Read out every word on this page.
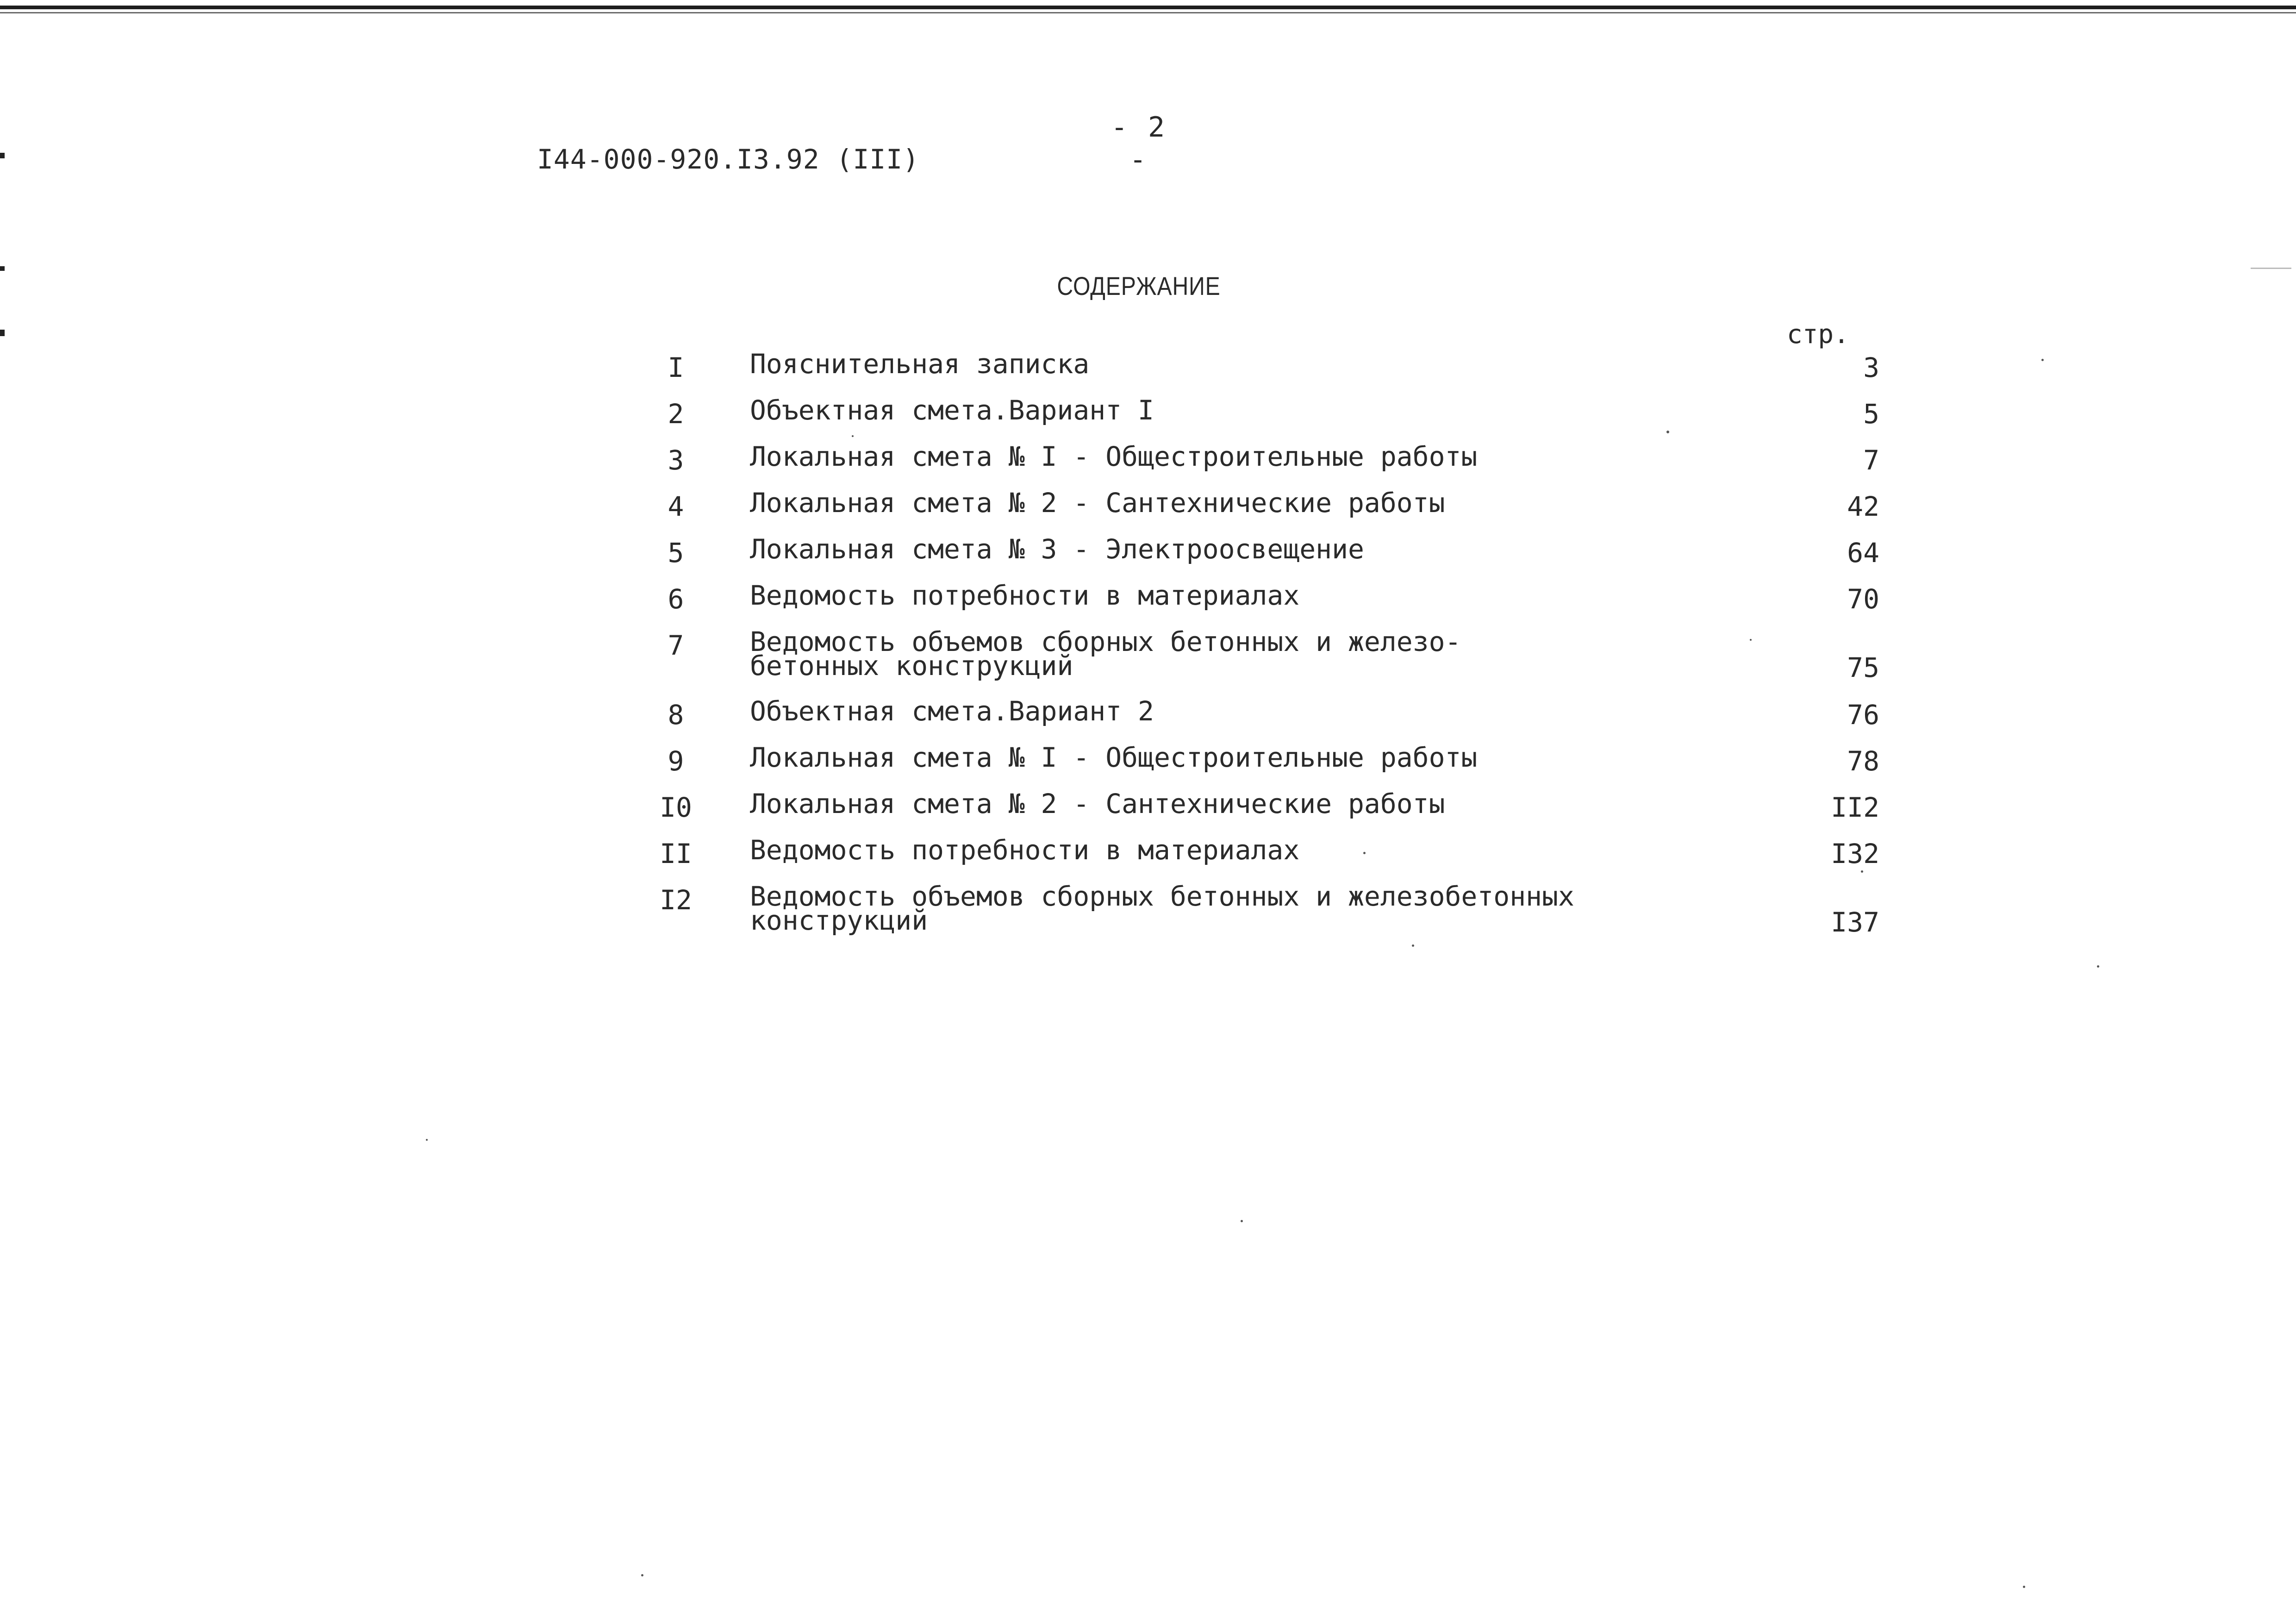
- 2 -
I44-000-920.I3.92 (III)
СОДЕРЖАНИЕ
стр.
I	Пояснительная записка	3
2	Объектная смета.Вариант I	5
3	Локальная смета № I - Общестроительные работы	7
4	Локальная смета № 2 - Сантехнические работы	42
5	Локальная смета № 3 - Электроосвещение	64
6	Ведомость потребности в материалах	70
7	Ведомость объемов сборных бетонных и железо-
бетонных конструкций	75
8	Объектная смета.Вариант 2	76
9	Локальная смета № I - Общестроительные работы	78
I0	Локальная смета № 2 - Сантехнические работы	II2
II	Ведомость потребности в материалах	I32
I2	Ведомость объемов сборных бетонных и железобетонных
конструкций	I37
